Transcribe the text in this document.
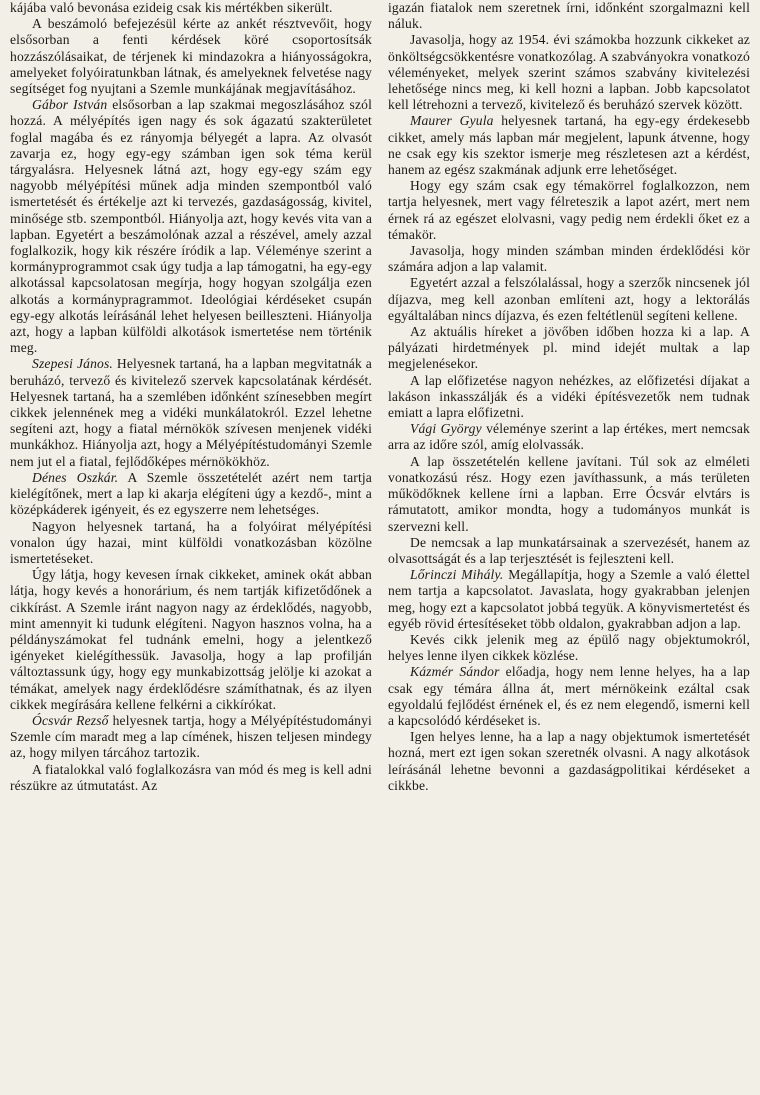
kájába való bevonása ezideig csak kis mértékben sikerült.

A beszámoló befejezésül kérte az ankét résztvevőit, hogy elsősorban a fenti kérdések köré csoportosítsák hozzászólásaikat, de térjenek ki mindazokra a hiányosságokra, amelyeket folyóiratunkban látnak, és amelyeknek felvetése nagy segítséget fog nyujtani a Szemle munkájának megjavításához.

Gábor István elsősorban a lap szakmai megoszlásához szól hozzá. A mélyépítés igen nagy és sok ágazatú szakterületet foglal magába és ez rányomja bélyegét a lapra. Az olvasót zavarja ez, hogy egy-egy számban igen sok téma kerül tárgyalásra. Helyesnek látná azt, hogy egy-egy szám egy nagyobb mélyépítési műnek adja minden szempontból való ismertetését és értékelje azt ki tervezés, gazdaságosság, kivitel, minősége stb. szempontból. Hiányolja azt, hogy kevés vita van a lapban. Egyetért a beszámolónak azzal a részével, amely azzal foglalkozik, hogy kik részére íródik a lap. Véleménye szerint a kormányprogrammot csak úgy tudja a lap támogatni, ha egy-egy alkotással kapcsolatosan megírja, hogy hogyan szolgálja ezen alkotás a kormánypragrammot. Ideológiai kérdéseket csupán egy-egy alkotás leírásánál lehet helyesen beilleszteni. Hiányolja azt, hogy a lapban külföldi alkotások ismertetése nem történik meg.

Szepesi János. Helyesnek tartaná, ha a lapban megvitatnák a beruházó, tervező és kivitelező szervek kapcsolatának kérdését. Helyesnek tartaná, ha a szemlében időnként színesebben megírt cikkek jelennének meg a vidéki munkálatokról. Ezzel lehetne segíteni azt, hogy a fiatal mérnökök szívesen menjenek vidéki munkákhoz. Hiányolja azt, hogy a Mélyépítéstudományi Szemle nem jut el a fiatal, fejlődőképes mérnökökhöz.

Dénes Oszkár. A Szemle összetételét azért nem tartja kielégítőnek, mert a lap ki akarja elégíteni úgy a kezdő-, mint a középkáderek igényeit, és ez egyszerre nem lehetséges.

Nagyon helyesnek tartaná, ha a folyóirat mélyépítési vonalon úgy hazai, mint külföldi vonatkozásban közölne ismertetéseket.

Úgy látja, hogy kevesen írnak cikkeket, aminek okát abban látja, hogy kevés a honorárium, és nem tartják kifizetődőnek a cikkírást. A Szemle iránt nagyon nagy az érdeklődés, nagyobb, mint amennyit ki tudunk elégíteni. Nagyon hasznos volna, ha a példányszámokat fel tudnánk emelni, hogy a jelentkező igényeket kielégíthessük. Javasolja, hogy a lap profilján változtassunk úgy, hogy egy munkabizottság jelölje ki azokat a témákat, amelyek nagy érdeklődésre számíthatnak, és az ilyen cikkek megírására kellene felkérni a cikkírókat.

Ócsvár Rezső helyesnek tartja, hogy a Mélyépítéstudományi Szemle cím maradt meg a lap címének, hiszen teljesen mindegy az, hogy milyen tárcához tartozik.

A fiatalokkal való foglalkozásra van mód és meg is kell adni részükre az útmutatást. Az

igazán fiatalok nem szeretnek írni, időnként szorgalmazni kell náluk.

Javasolja, hogy az 1954. évi számokba hozzunk cikkeket az önköltségcsökkentésre vonatkozólag. A szabványokra vonatkozó véleményeket, melyek szerint számos szabvány kivitelezési lehetősége nincs meg, ki kell hozni a lapban. Jobb kapcsolatot kell létrehozni a tervező, kivitelező és beruházó szervek között.

Maurer Gyula helyesnek tartaná, ha egy-egy érdekesebb cikket, amely más lapban már megjelent, lapunk átvenne, hogy ne csak egy kis szektor ismerje meg részletesen azt a kérdést, hanem az egész szakmának adjunk erre lehetőséget.

Hogy egy szám csak egy témakörrel foglalkozzon, nem tartja helyesnek, mert vagy félreteszik a lapot azért, mert nem érnek rá az egészet elolvasni, vagy pedig nem érdekli őket ez a témakör.

Javasolja, hogy minden számban minden érdeklődési kör számára adjon a lap valamit.

Egyetért azzal a felszólalással, hogy a szerzők nincsenek jól díjazva, meg kell azonban említeni azt, hogy a lektorálás egyáltalában nincs díjazva, és ezen feltétlenül segíteni kellene.

Az aktuális híreket a jövőben időben hozza ki a lap. A pályázati hirdetmények pl. mind idejét multak a lap megjelenésekor.

A lap előfizetése nagyon nehézkes, az előfizetési díjakat a lakáson inkasszálják és a vidéki építésvezetők nem tudnak emiatt a lapra előfizetni.

Vági György véleménye szerint a lap értékes, mert nemcsak arra az időre szól, amíg elolvassák.

A lap összetételén kellene javítani. Túl sok az elméleti vonatkozású rész. Hogy ezen javíthassunk, a más területen működőknek kellene írni a lapban. Erre Ócsvár elvtárs is rámutatott, amikor mondta, hogy a tudományos munkát is szervezni kell.

De nemcsak a lap munkatársainak a szervezését, hanem az olvasottságát és a lap terjesztését is fejleszteni kell.

Lőrinczi Mihály. Megállapítja, hogy a Szemle a való élettel nem tartja a kapcsolatot. Javaslata, hogy gyakrabban jelenjen meg, hogy ezt a kapcsolatot jobbá tegyük. A könyvismertetést és egyéb rövid értesítéseket több oldalon, gyakrabban adjon a lap.

Kevés cikk jelenik meg az épülő nagy objektumokról, helyes lenne ilyen cikkek közlése.

Kázmér Sándor előadja, hogy nem lenne helyes, ha a lap csak egy témára állna át, mert mérnökeink ezáltal csak egyoldalú fejlődést érnének el, és ez nem elegendő, ismerni kell a kapcsolódó kérdéseket is.

Igen helyes lenne, ha a lap a nagy objektumok ismertetését hozná, mert ezt igen sokan szeretnék olvasni. A nagy alkotások leírásánál lehetne bevonni a gazdaságpolitikai kérdéseket a cikkbe.
